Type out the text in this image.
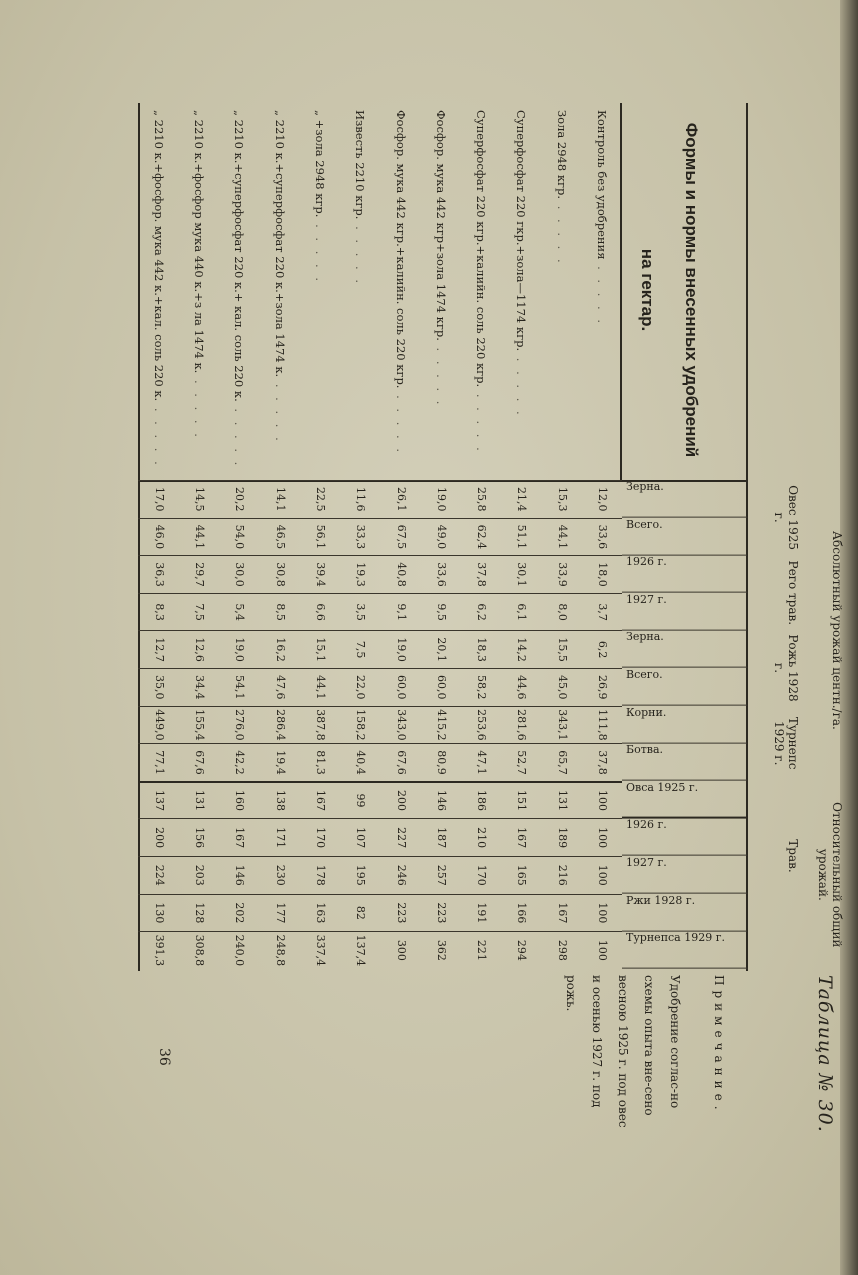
Таблица № 30.
Формы и нормы внесенных удобрений
на гектар.
Примечание.
Удобрение соглас-но схемы опыта вне-сено весною 1925 г. под овес и осенью 1927 г. под рожь.
36
Зерна.
Всего.
1926 г.
1927 г.
Зерна.
Всего.
Корни.
Ботва.
Овса 1925 г.
1926 г.
1927 г.
Ржи 1928 г.
Турнепса 1929 г.
12,0
33,6
18,0
3,7
6,2
26,9
111,8
37,8
100
100
100
100
100
15,3
44,1
33,9
8,0
15,5
45,0
343,1
65,7
131
189
216
167
298
21,4
51,1
30,1
6,1
14,2
44,6
281,6
52,7
151
167
165
166
294
25,8
62,4
37,8
6,2
18,3
58,2
253,6
47,1
186
210
170
191
221
19,0
49,0
33,6
9,5
20,1
60,0
415,2
80,9
146
187
257
223
362
26,1
67,5
40,8
9,1
19,0
60,0
343,0
67,6
200
227
246
223
300
11,6
33,3
19,3
3,5
7,5
22,0
158,2
40,4
99
107
195
82
137,4
22,5
56,1
39,4
6,6
15,1
44,1
387,8
81,3
167
170
178
163
337,4
14,1
46,5
30,8
8,5
16,2
47,6
286,4
19,4
138
171
230
177
248,8
20,2
54,0
30,0
5,4
19,0
54,1
276,0
42,2
160
167
146
202
240,0
14,5
44,1
29,7
7,5
12,6
34,4
155,4
67,6
131
156
203
128
308,8
17,0
46,0
36,3
8,3
12,7
35,0
449,0
77,1
137
200
224
130
391,3
Контроль без удобрения . . . . .
Зола 2948 кгр. . . . . .
Суперфосфат 220 гкр.+зола—1174 кгр. . . . . .
Суперфосфат 220 кгр.+калийн. соль 220 кгр. . . . . .
Фосфор. мука 442 кгр+зола 1474 кгр. . . . . .
Фосфор. мука 442 кгр.+калийн. соль 220 кгр. . . . . .
Известь 2210 кгр. . . . . .
„ +зола 2948 кгр. . . . . .
„ 2210 к.+суперфосфат 220 к.+зола 1474 к. . . . . .
„ 2210 к.+суперфосфат 220 к.+ кал. соль 220 к. . . . . .
„ 2210 к.+фосфор мука 440 к.+з ла 1474 к. . . . . .
„ 2210 к.+фосфор. мука 442 к.+кал. соль 220 к. . . . . .
Абсолютный урожай центн./га.
Относительный общий урожай.
Овес 1925 г.
Рего трав.
Рожь 1928 г.
Турнепс 1929 г.
Трав.
